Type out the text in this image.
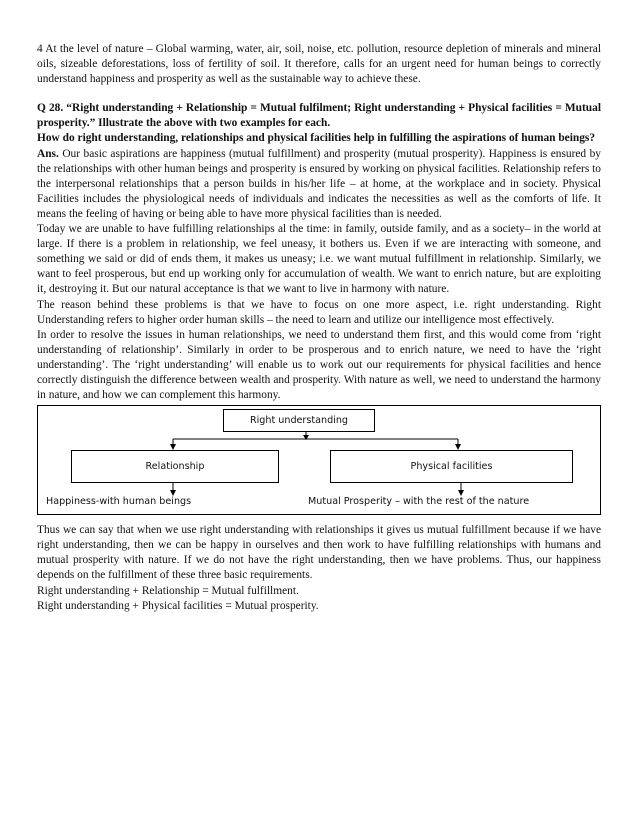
4 At the level of nature – Global warming, water, air, soil, noise, etc. pollution, resource depletion of minerals and mineral oils, sizeable deforestations, loss of fertility of soil. It therefore, calls for an urgent need for human beings to correctly understand happiness and prosperity as well as the sustainable way to achieve these.

Q 28. “Right understanding + Relationship = Mutual fulfilment; Right understanding + Physical facilities = Mutual prosperity.” Illustrate the above with two examples for each.

How do right understanding, relationships and physical facilities help in fulfilling the aspirations of human beings?

Ans. Our basic aspirations are happiness (mutual fulfillment) and prosperity (mutual prosperity). Happiness is ensured by the relationships with other human beings and prosperity is ensured by working on physical facilities. Relationship refers to the interpersonal relationships that a person builds in his/her life – at home, at the workplace and in society. Physical Facilities includes the physiological needs of individuals and indicates the necessities as well as the comforts of life. It means the feeling of having or being able to have more physical facilities than is needed.

Today we are unable to have fulfilling relationships al the time: in family, outside family, and as a society– in the world at large. If there is a problem in relationship, we feel uneasy, it bothers us. Even if we are interacting with someone, and something we said or did of ends them, it makes us uneasy; i.e. we want mutual fulfillment in relationship. Similarly, we want to feel prosperous, but end up working only for accumulation of wealth. We want to enrich nature, but are exploiting it, destroying it. But our natural acceptance is that we want to live in harmony with nature.

The reason behind these problems is that we have to focus on one more aspect, i.e. right understanding. Right Understanding refers to higher order human skills – the need to learn and utilize our intelligence most effectively.

In order to resolve the issues in human relationships, we need to understand them first, and this would come from ‘right understanding of relationship’. Similarly in order to be prosperous and to enrich nature, we need to have the ‘right understanding’. The ‘right understanding’ will enable us to work out our requirements for physical facilities and hence correctly distinguish the difference between wealth and prosperity. With nature as well, we need to understand the harmony in nature, and how we can complement this harmony.

Right understanding
Relationship	Physical facilities
Happiness-with human beings	Mutual Prosperity – with the rest of the nature

Thus we can say that when we use right understanding with relationships it gives us mutual fulfillment because if we have right understanding, then we can be happy in ourselves and then work to have fulfilling relationships with humans and mutual prosperity with nature. If we do not have the right understanding, then we have problems. Thus, our happiness depends on the fulfillment of these three basic requirements.

Right understanding + Relationship = Mutual fulfillment.

Right understanding + Physical facilities = Mutual prosperity.
